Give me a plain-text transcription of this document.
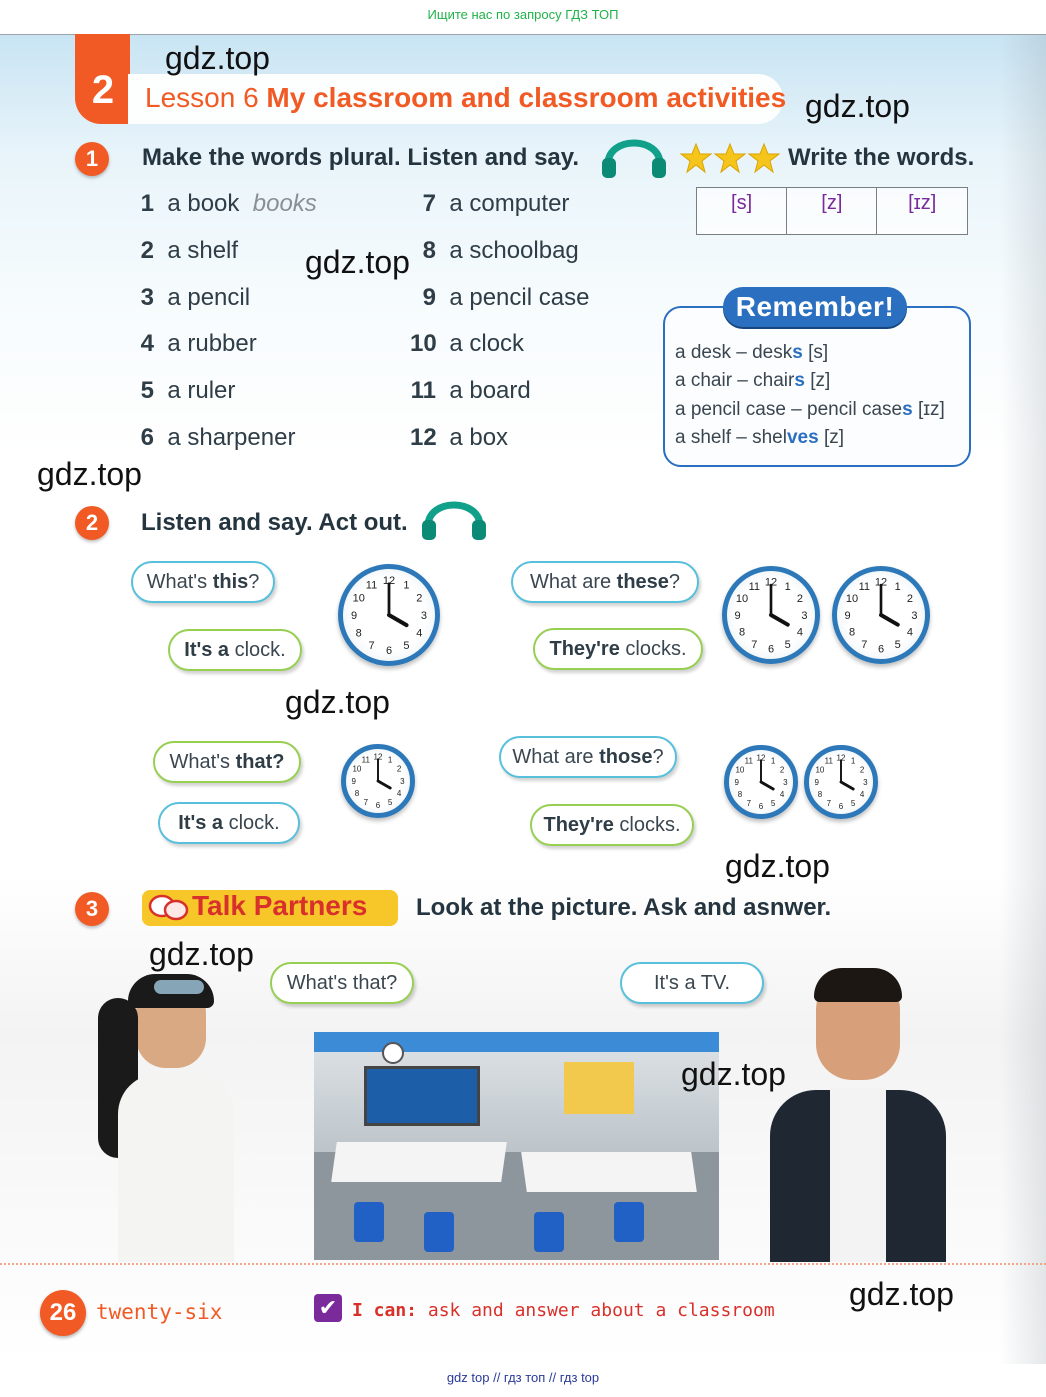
Ищите нас по запросу ГДЗ ТОП
2	Lesson 6 My classroom and classroom activities
1	Make the words plural. Listen and say.	Write the words.
1 a book books
2 a shelf
3 a pencil
4 a rubber
5 a ruler
6 a sharpener
7 a computer
8 a schoolbag
9 a pencil case
10 a clock
11 a board
12 a box
[s]	[z]	[ɪz]
Remember!
a desk – desks [s]
a chair – chairs [z]
a pencil case – pencil cases [ɪz]
a shelf – shelves [z]
2	Listen and say. Act out.
What's this?
It's a clock.
12 1
2
3
4
5
6
7
8
9
10
11	What are these?
They're clocks.
12 1
2
3
4
5
6
7
8
9
10
11	12 1
2
3
4
5
6
7
8
9
10
11
What's that?
It's a clock.
12 1
2
3
4
5
6
7
8
9
10
11	What are those?
They're clocks.
12 1
2
3
4
5
6
7
8
9
10
11	12 1
2
3
4
5
6
7
8
9
10
11
3	Talk Partners Look at the picture. Ask and asnwer.
What's that?	It's a TV.
26 twenty-six	✔ I can: ask and answer about a classroom
gdz.top
gdz.top
gdz.top
gdz.top
gdz.top
gdz.top
gdz.top
gdz.top
gdz.top
gdz top // гдз топ // гдз top
